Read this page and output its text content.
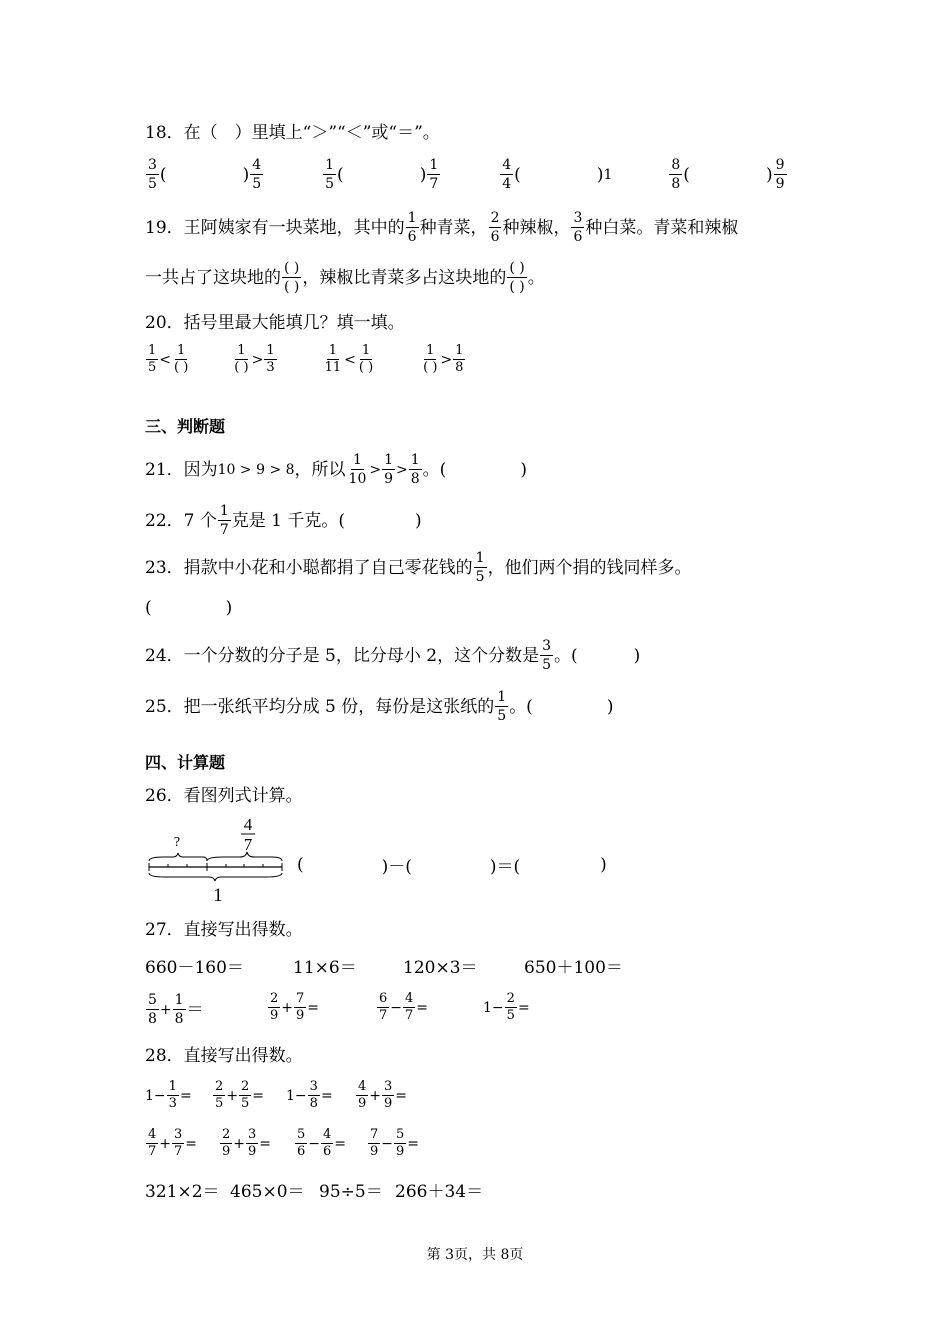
18．在（　）里填上“＞”“＜”或“＝”。
$\frac{3}{5}$ (	) $\frac{4}{5}$	$\frac{1}{5}$ (	) $\frac{1}{7}$	$\frac{4}{4}$ (	) 1	$\frac{8}{8}$ (	) $\frac{9}{9}$
19．王阿姨家有一块菜地，其中的 $\frac{1}{6}$ 种青菜， $\frac{2}{6}$ 种辣椒， $\frac{3}{6}$ 种白菜。青菜和辣椒
一共占了这块地的 $\frac{( )}{( )}$ ，辣椒比青菜多占这块地的 $\frac{( )}{( )}$ 。
20．括号里最大能填几？填一填。
$\frac{1}{5} < \frac{1}{( )}$	$\frac{1}{( )} > \frac{1}{3}$	$\frac{1}{11} < \frac{1}{( )}$	$\frac{1}{( )} > \frac{1}{8}$
三、判断题
21．因为 10 > 9 > 8 ，所以 $\frac{1}{10} > \frac{1}{9} > \frac{1}{8}$ 。(	)
22．7 个 $\frac{1}{7}$ 克是 1 千克。(	)
23．捐款中小花和小聪都捐了自己零花钱的 $\frac{1}{5}$ ，他们两个捐的钱同样多。
(	)
24．一个分数的分子是 5，比分母小 2，这个分数是 $\frac{3}{5}$ 。(	)
25．把一张纸平均分成 5 份，每份是这张纸的 $\frac{1}{5}$ 。(	)
四、计算题
26．看图列式计算。
?
4
7
1
(	)－(	)＝(	)
27．直接写出得数。
660－160＝	11×6＝	120×3＝	650＋100＝
$\frac{5}{8} + \frac{1}{8}$ ＝	$\frac{2}{9} + \frac{7}{9}$ =	$\frac{6}{7} - \frac{4}{7}$ =	$1 - \frac{2}{5}$ =
28．直接写出得数。
$1 - \frac{1}{3} = \frac{2}{5} + \frac{2}{5} = 1 - \frac{3}{8} = \frac{4}{9} + \frac{3}{9}$ =
$\frac{4}{7} + \frac{3}{7} = \frac{2}{9} + \frac{3}{9} = \frac{5}{6} - \frac{4}{6} = \frac{7}{9} - \frac{5}{9}$ =
321×2＝ 465×0＝ 95÷5＝ 266＋34＝
第 3页，共 8页
